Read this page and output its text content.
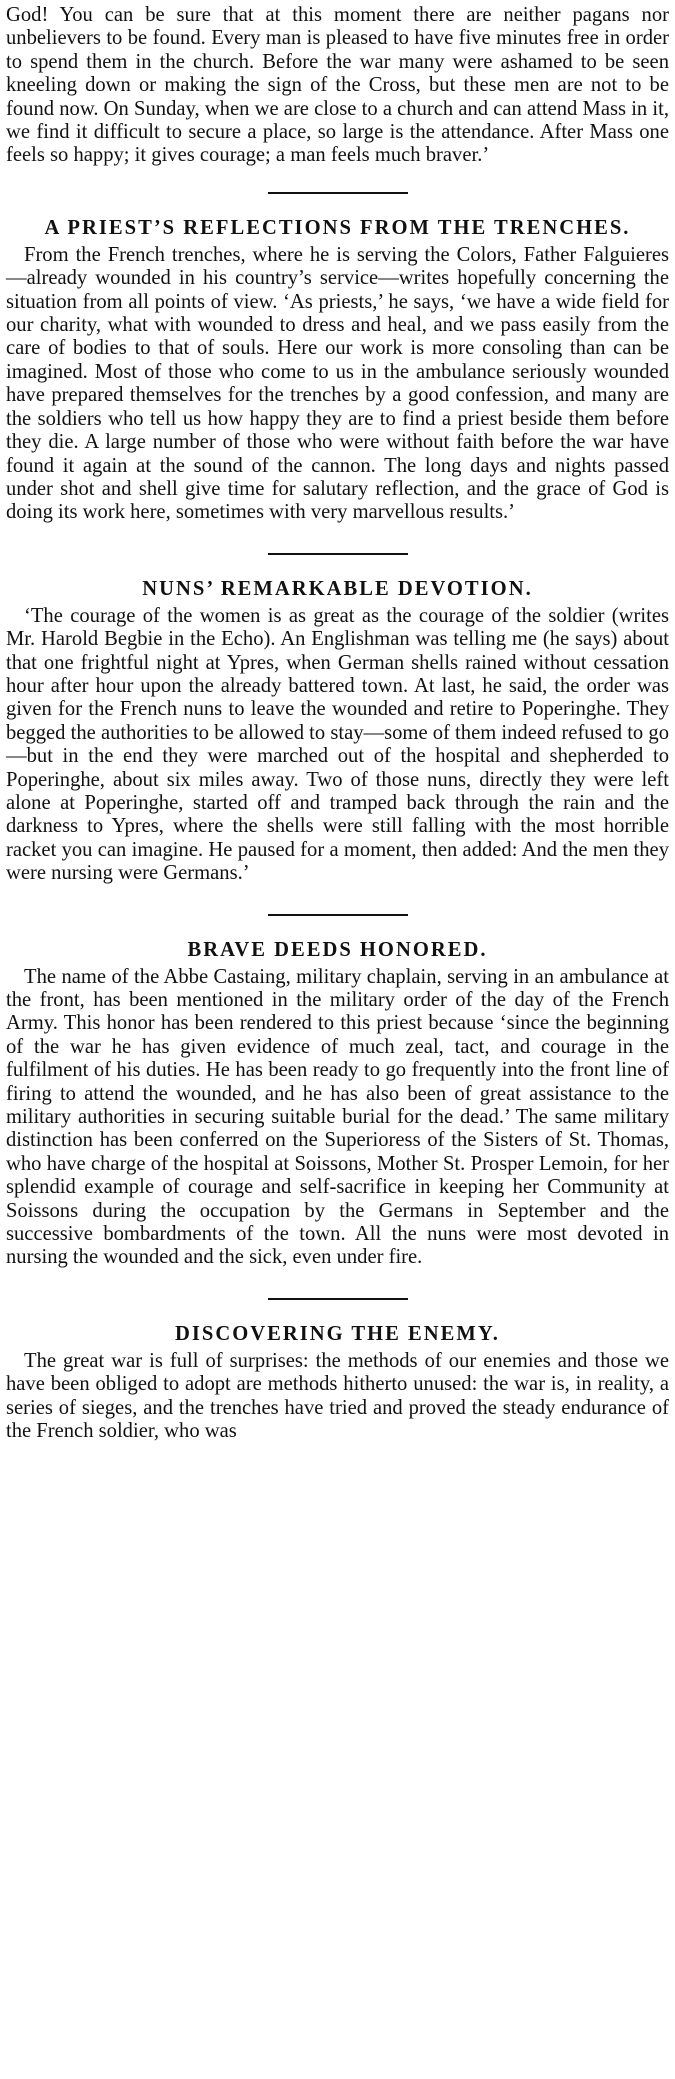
God! You can be sure that at this moment there are neither pagans nor unbelievers to be found. Every man is pleased to have five minutes free in order to spend them in the church. Before the war many were ashamed to be seen kneeling down or making the sign of the Cross, but these men are not to be found now. On Sunday, when we are close to a church and can attend Mass in it, we find it difficult to secure a place, so large is the attendance. After Mass one feels so happy; it gives courage; a man feels much braver.’

A PRIEST’S REFLECTIONS FROM THE TRENCHES.

From the French trenches, where he is serving the Colors, Father Falguieres—already wounded in his country’s service—writes hopefully concerning the situation from all points of view. ‘As priests,’ he says, ‘we have a wide field for our charity, what with wounded to dress and heal, and we pass easily from the care of bodies to that of souls. Here our work is more consoling than can be imagined. Most of those who come to us in the ambulance seriously wounded have prepared themselves for the trenches by a good confession, and many are the soldiers who tell us how happy they are to find a priest beside them before they die. A large number of those who were without faith before the war have found it again at the sound of the cannon. The long days and nights passed under shot and shell give time for salutary reflection, and the grace of God is doing its work here, sometimes with very marvellous results.’

NUNS’ REMARKABLE DEVOTION.

‘The courage of the women is as great as the courage of the soldier (writes Mr. Harold Begbie in the Echo). An Englishman was telling me (he says) about that one frightful night at Ypres, when German shells rained without cessation hour after hour upon the already battered town. At last, he said, the order was given for the French nuns to leave the wounded and retire to Poperinghe. They begged the authorities to be allowed to stay—some of them indeed refused to go—but in the end they were marched out of the hospital and shepherded to Poperinghe, about six miles away. Two of those nuns, directly they were left alone at Poperinghe, started off and tramped back through the rain and the darkness to Ypres, where the shells were still falling with the most horrible racket you can imagine. He paused for a moment, then added: And the men they were nursing were Germans.’

BRAVE DEEDS HONORED.

The name of the Abbe Castaing, military chaplain, serving in an ambulance at the front, has been mentioned in the military order of the day of the French Army. This honor has been rendered to this priest because ‘since the beginning of the war he has given evidence of much zeal, tact, and courage in the fulfilment of his duties. He has been ready to go frequently into the front line of firing to attend the wounded, and he has also been of great assistance to the military authorities in securing suitable burial for the dead.’ The same military distinction has been conferred on the Superioress of the Sisters of St. Thomas, who have charge of the hospital at Soissons, Mother St. Prosper Lemoin, for her splendid example of courage and self-sacrifice in keeping her Community at Soissons during the occupation by the Germans in September and the successive bombardments of the town. All the nuns were most devoted in nursing the wounded and the sick, even under fire.

DISCOVERING THE ENEMY.

The great war is full of surprises: the methods of our enemies and those we have been obliged to adopt are methods hitherto unused: the war is, in reality, a series of sieges, and the trenches have tried and proved the steady endurance of the French soldier, who was
